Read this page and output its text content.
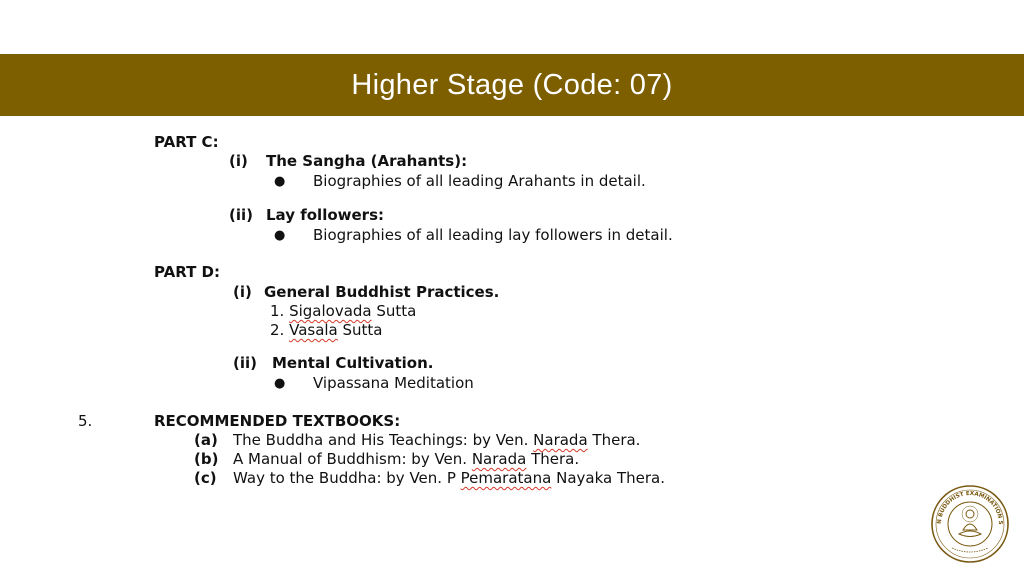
Higher Stage (Code: 07)
PART C:
(i) The Sangha (Arahants):
● Biographies of all leading Arahants in detail.
(ii) Lay followers:
● Biographies of all leading lay followers in detail.
PART D:
(i) General Buddhist Practices.
1. Sigalovada Sutta
2. Vasala Sutta
(ii) Mental Cultivation.
● Vipassana Meditation
5.	RECOMMENDED TEXTBOOKS:
(a) The Buddha and His Teachings: by Ven. Narada Thera.
(b) A Manual of Buddhism: by Ven. Narada Thera.
(c) Way to the Buddha: by Ven. P Pemaratana Nayaka Thera.
N BUDDHIST EXAMINATION S
